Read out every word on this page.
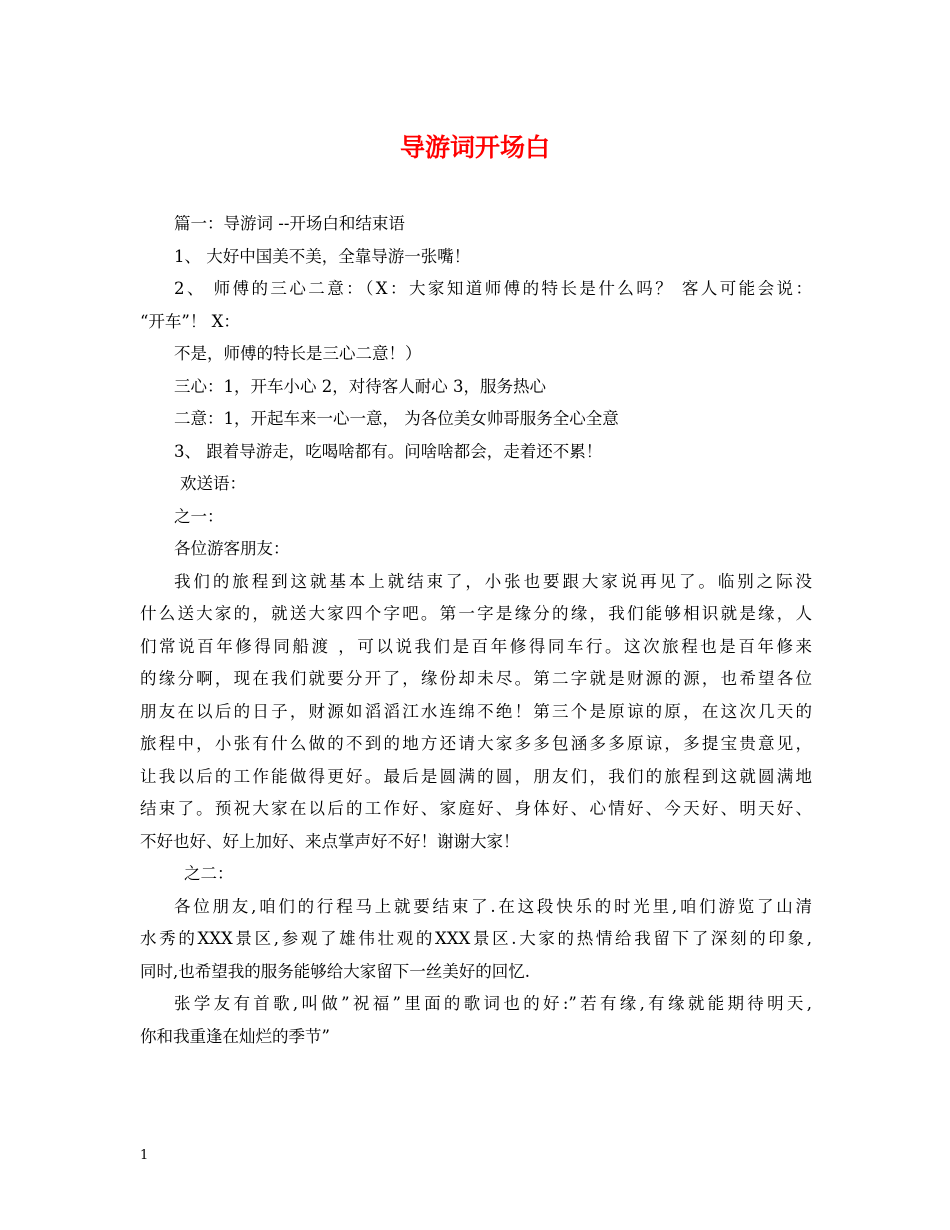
导游词开场白

篇一：导游词 --开场白和结束语

1、 大好中国美不美，全靠导游一张嘴！

2、 师傅的三心二意：（X：大家知道师傅的特长是什么吗？ 客人可能会说：

“开车”！ X：

不是，师傅的特长是三心二意！）

三心：1，开车小心 2，对待客人耐心 3，服务热心

二意：1，开起车来一心一意， 为各位美女帅哥服务全心全意

3、 跟着导游走，吃喝啥都有。问啥啥都会，走着还不累！

欢送语：

之一：

各位游客朋友：

我们的旅程到这就基本上就结束了，小张也要跟大家说再见了。临别之际没

什么送大家的，就送大家四个字吧。第一字是缘分的缘，我们能够相识就是缘，人

们常说百年修得同船渡 ，可以说我们是百年修得同车行。这次旅程也是百年修来

的缘分啊，现在我们就要分开了，缘份却未尽。第二字就是财源的源，也希望各位

朋友在以后的日子，财源如滔滔江水连绵不绝！第三个是原谅的原，在这次几天的

旅程中，小张有什么做的不到的地方还请大家多多包涵多多原谅，多提宝贵意见，

让我以后的工作能做得更好。最后是圆满的圆，朋友们，我们的旅程到这就圆满地

结束了。预祝大家在以后的工作好、家庭好、身体好、心情好、今天好、明天好、

不好也好、好上加好、来点掌声好不好！谢谢大家！

之二：

各位朋友,咱们的行程马上就要结束了.在这段快乐的时光里,咱们游览了山清

水秀的XXX景区,参观了雄伟壮观的XXX景区.大家的热情给我留下了深刻的印象,

同时,也希望我的服务能够给大家留下一丝美好的回忆.

张学友有首歌,叫做”祝福”里面的歌词也的好:”若有缘,有缘就能期待明天,

你和我重逢在灿烂的季节”

1
